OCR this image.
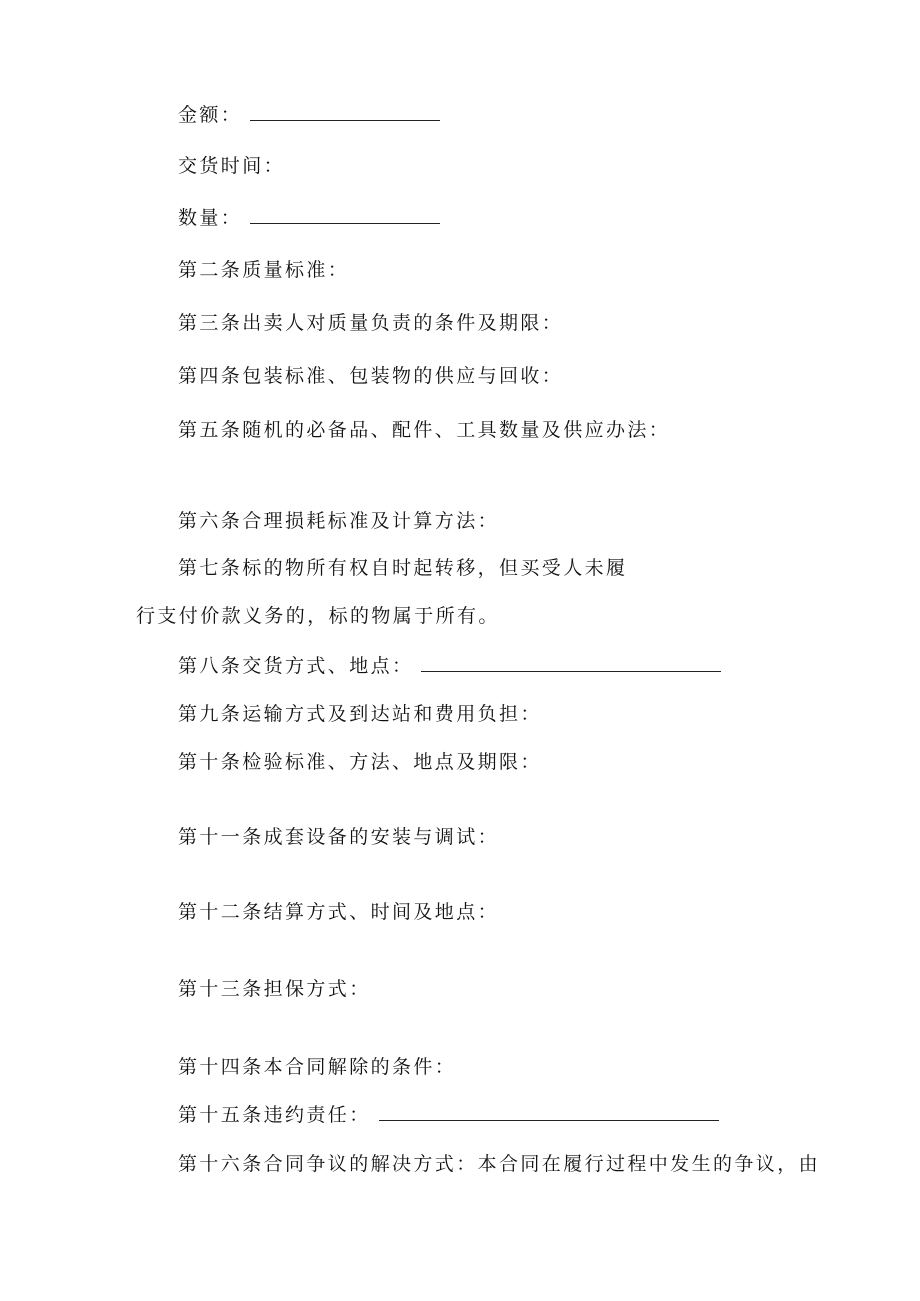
金额：
交货时间：
数量：
第二条质量标准：
第三条出卖人对质量负责的条件及期限：
第四条包装标准、包装物的供应与回收：
第五条随机的必备品、配件、工具数量及供应办法：
第六条合理损耗标准及计算方法：
第七条标的物所有权自时起转移，但买受人未履
行支付价款义务的，标的物属于所有。
第八条交货方式、地点：
第九条运输方式及到达站和费用负担：
第十条检验标准、方法、地点及期限：
第十一条成套设备的安装与调试：
第十二条结算方式、时间及地点：
第十三条担保方式：
第十四条本合同解除的条件：
第十五条违约责任：
第十六条合同争议的解决方式：本合同在履行过程中发生的争议，由
